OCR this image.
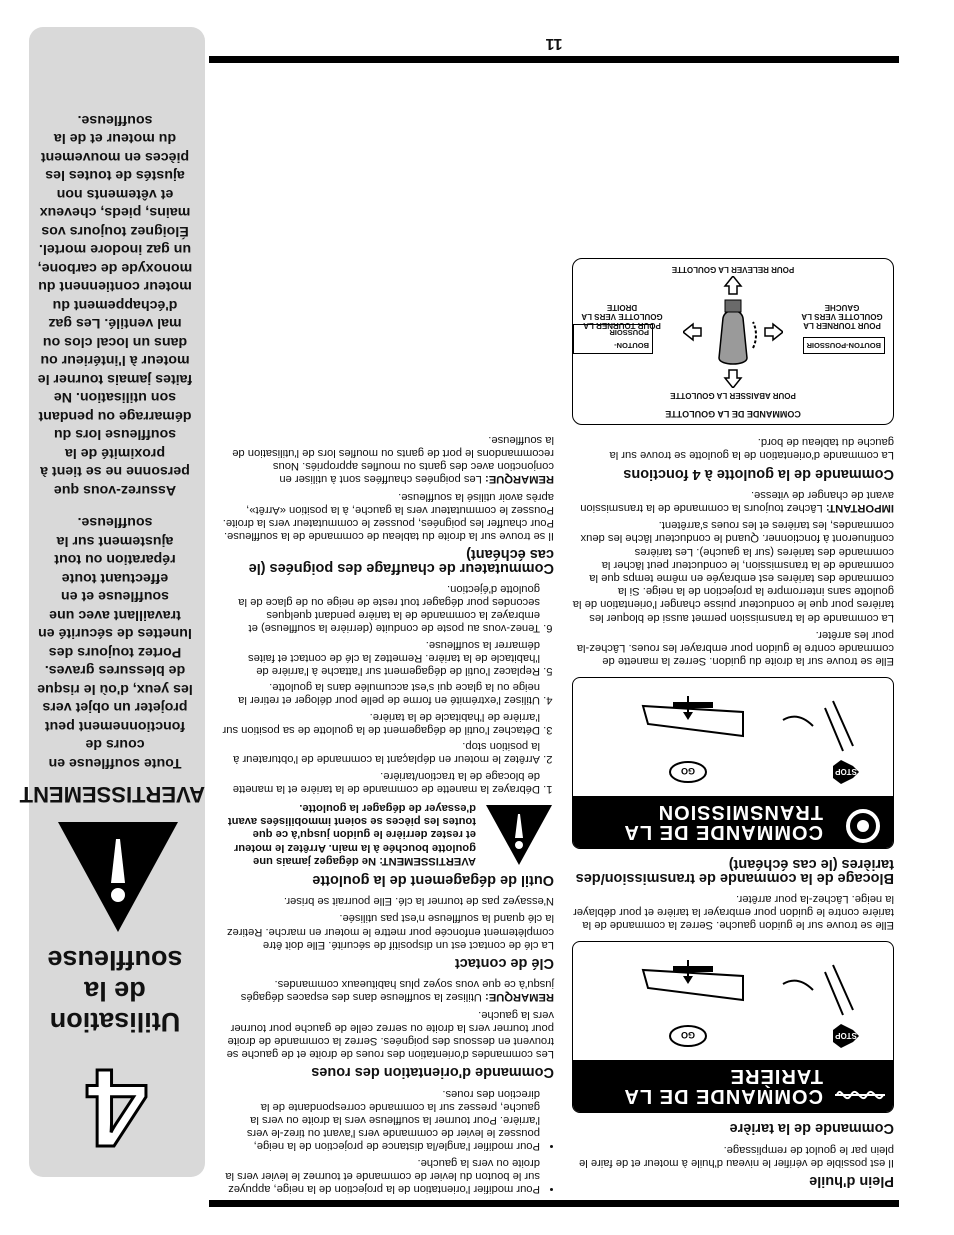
11
4
Utilisation de la souffleuse
AVERTISSEMENT

Toute souffleuse en cours de fonctionnement peut projeter un objet vers les yeux, d'où le risque de blessures graves. Portez toujours des lunettes de sécurité en travaillant avec une souffleuse et en effectuant toute réparation ou tout ajustement sur la souffleuse.

Assurez-vous que personne ne se tient à proximité de la souffleuse lors du démarrage ou pendant son utilisation. Ne faites jamais tourner le moteur à l'intérieur ou dans un local clos ou mal ventilé. Les gaz d'échappement du moteur contiennent du monoxyde de carbone, un gaz inodore mortel. Éloignez toujours vos mains, pieds, cheveux et vêtements non ajustés de toutes les pièces en mouvement du moteur et de la souffleuse.

• Pour modifier l'orientation de la projection de la neige, appuyez sur le bouton du levier de commande et tournez le levier vers la droite ou vers la gauche.
• Pour modifier l'angle/la distance de projection de la neige, poussez le levier de commande vers l'avant ou tirez-le vers l'arrière. Pour tourner la souffleuse vers la droite ou vers la gauche, pressez sur la commande correspondante de la direction des roues.
Commande d'orientation des roues

Les commandes d'orientation des roues de droite et de gauche se trouvent en dessous des poignées. Serrez la commande de droite pour tourner vers la droite ou serrez celle de gauche pour tourner vers la gauche.

REMARQUE: Utilisez la souffleuse dans des espaces dégagés jusqu'à ce que vous soyez plus habitueaux commandes.

Clé de contact

La clé de contact est un dispositif de sécurité. Elle doit être complètement enfoncée pour mettre le moteur en marche. Retirez la clé quand la souffleuse n'est pas utilisée.

N'essayez pas de tourner la clé. Elle pourrait se briser.

Outil de dégagement de la goulotte
AVERTISSEMENT: Ne dégagez jamais une goulotte bouchée à la main. Arrêtez le moteur et restez derrière le guidon jusqu'à ce que toutes les pièces se soient immobilisées avant d'essayer de dégager la goulotte.
1. Débrayez la manette de commande de la tarière et la manette de blocage de la traction/tarière.
2. Arrêtez le moteur en déplaçant la commande de l'obturateur à la position stop.
3. Détachez l'outil de dégagement de la goulotte de sa position sur l'arrière de l'habitacle de la tarière.
4. Utilisez l'extrémité en forme de pelle pour déloger et retirer la neige ou la glace qui s'est accumulée dans la goulotte.
5. Replacez l'outil de dégagement sur l'attache à l'arrière de l'habitacle de la tarière. Remettez la clé de contact et faites démarrer la souffleuse.
6. Tenez-vous au poste de conduite (derrière la souffleuse) et embrayez la commande de la tarière pendant quelques secondes pour dégager tout reste de neige ou de glace de la goulotte d'éjection.
Commutateur de chauffage des poignées (le cas échéant)

Il se trouve sur la droite du tableau de commande de la souffleuse. Pour chauffer les poignées, poussez le commutateur vers la droite. Poussez le commutateur vers la gauche, à la position «Arrêt», après avoir utilisé la souffleuse.

REMARQUE: Les poignées chauffées sont à utiliser en conjonction avec des gants ou moufles appropriés. Nous recommandons le port de gants ou moufles lors de l'utilisation de la souffleuse.

Plein d'huile

Il est possible de vérifier le niveau d'huile à moteur et de faire le plein par le goulot de remplissage.

Commande de la tarière
COMMANDE DE LA TARIÈRE
STOP
GO

Elle se trouve sur le guidon gauche. Serrez la commande de la tarière contre le guidon pour embrayer la tarière et pour déblayer la neige. Lâchez-la pour arrêter.

Blocage de la commande de transmission/des tarières (le cas échéant)
COMMANDE DE LA TRANSMISSION
STOP
GO

Elle se trouve sur la droite du guidon. Serrez la manette de commande contre le guidon pour embrayer les roues. Lâchez-la pour les arrêter.

La commande de la transmission permet aussi de bloquer les tarières pour que le conducteur puisse changer l'orientation de la goulotte sans interrompre la projection de la neige. Si la commande des tarières est embrayée en même temps que la commande de la transmission, le conducteur peut lâcher la commande des tarières (sur la gauche). Les tarières continueront à fonctionner. Quand le conducteur lâche les deux commandes, les tarières et les roues s'arrêtent.

IMPORTANT: Lâchez toujours la commande de la transmission avant de changer de vitesse.

Commande de la goulotte à 4 fonctions

La commande d'orientation de la goulotte se trouve sur la gauche du tableau de bord.

COMMANDE DE LA GOULOTTE
POUR ABAISSER LA GOULOTTE
POUR RELEVER LA GOULOTTE
POUR TOURNER LA GOULOTTE VERS LA GAUCHE
POUR TOURNER LA GOULOTTE VERS LA DROITE
BOUTON-POUSSOIR
BOUTON-POUSSOIR
